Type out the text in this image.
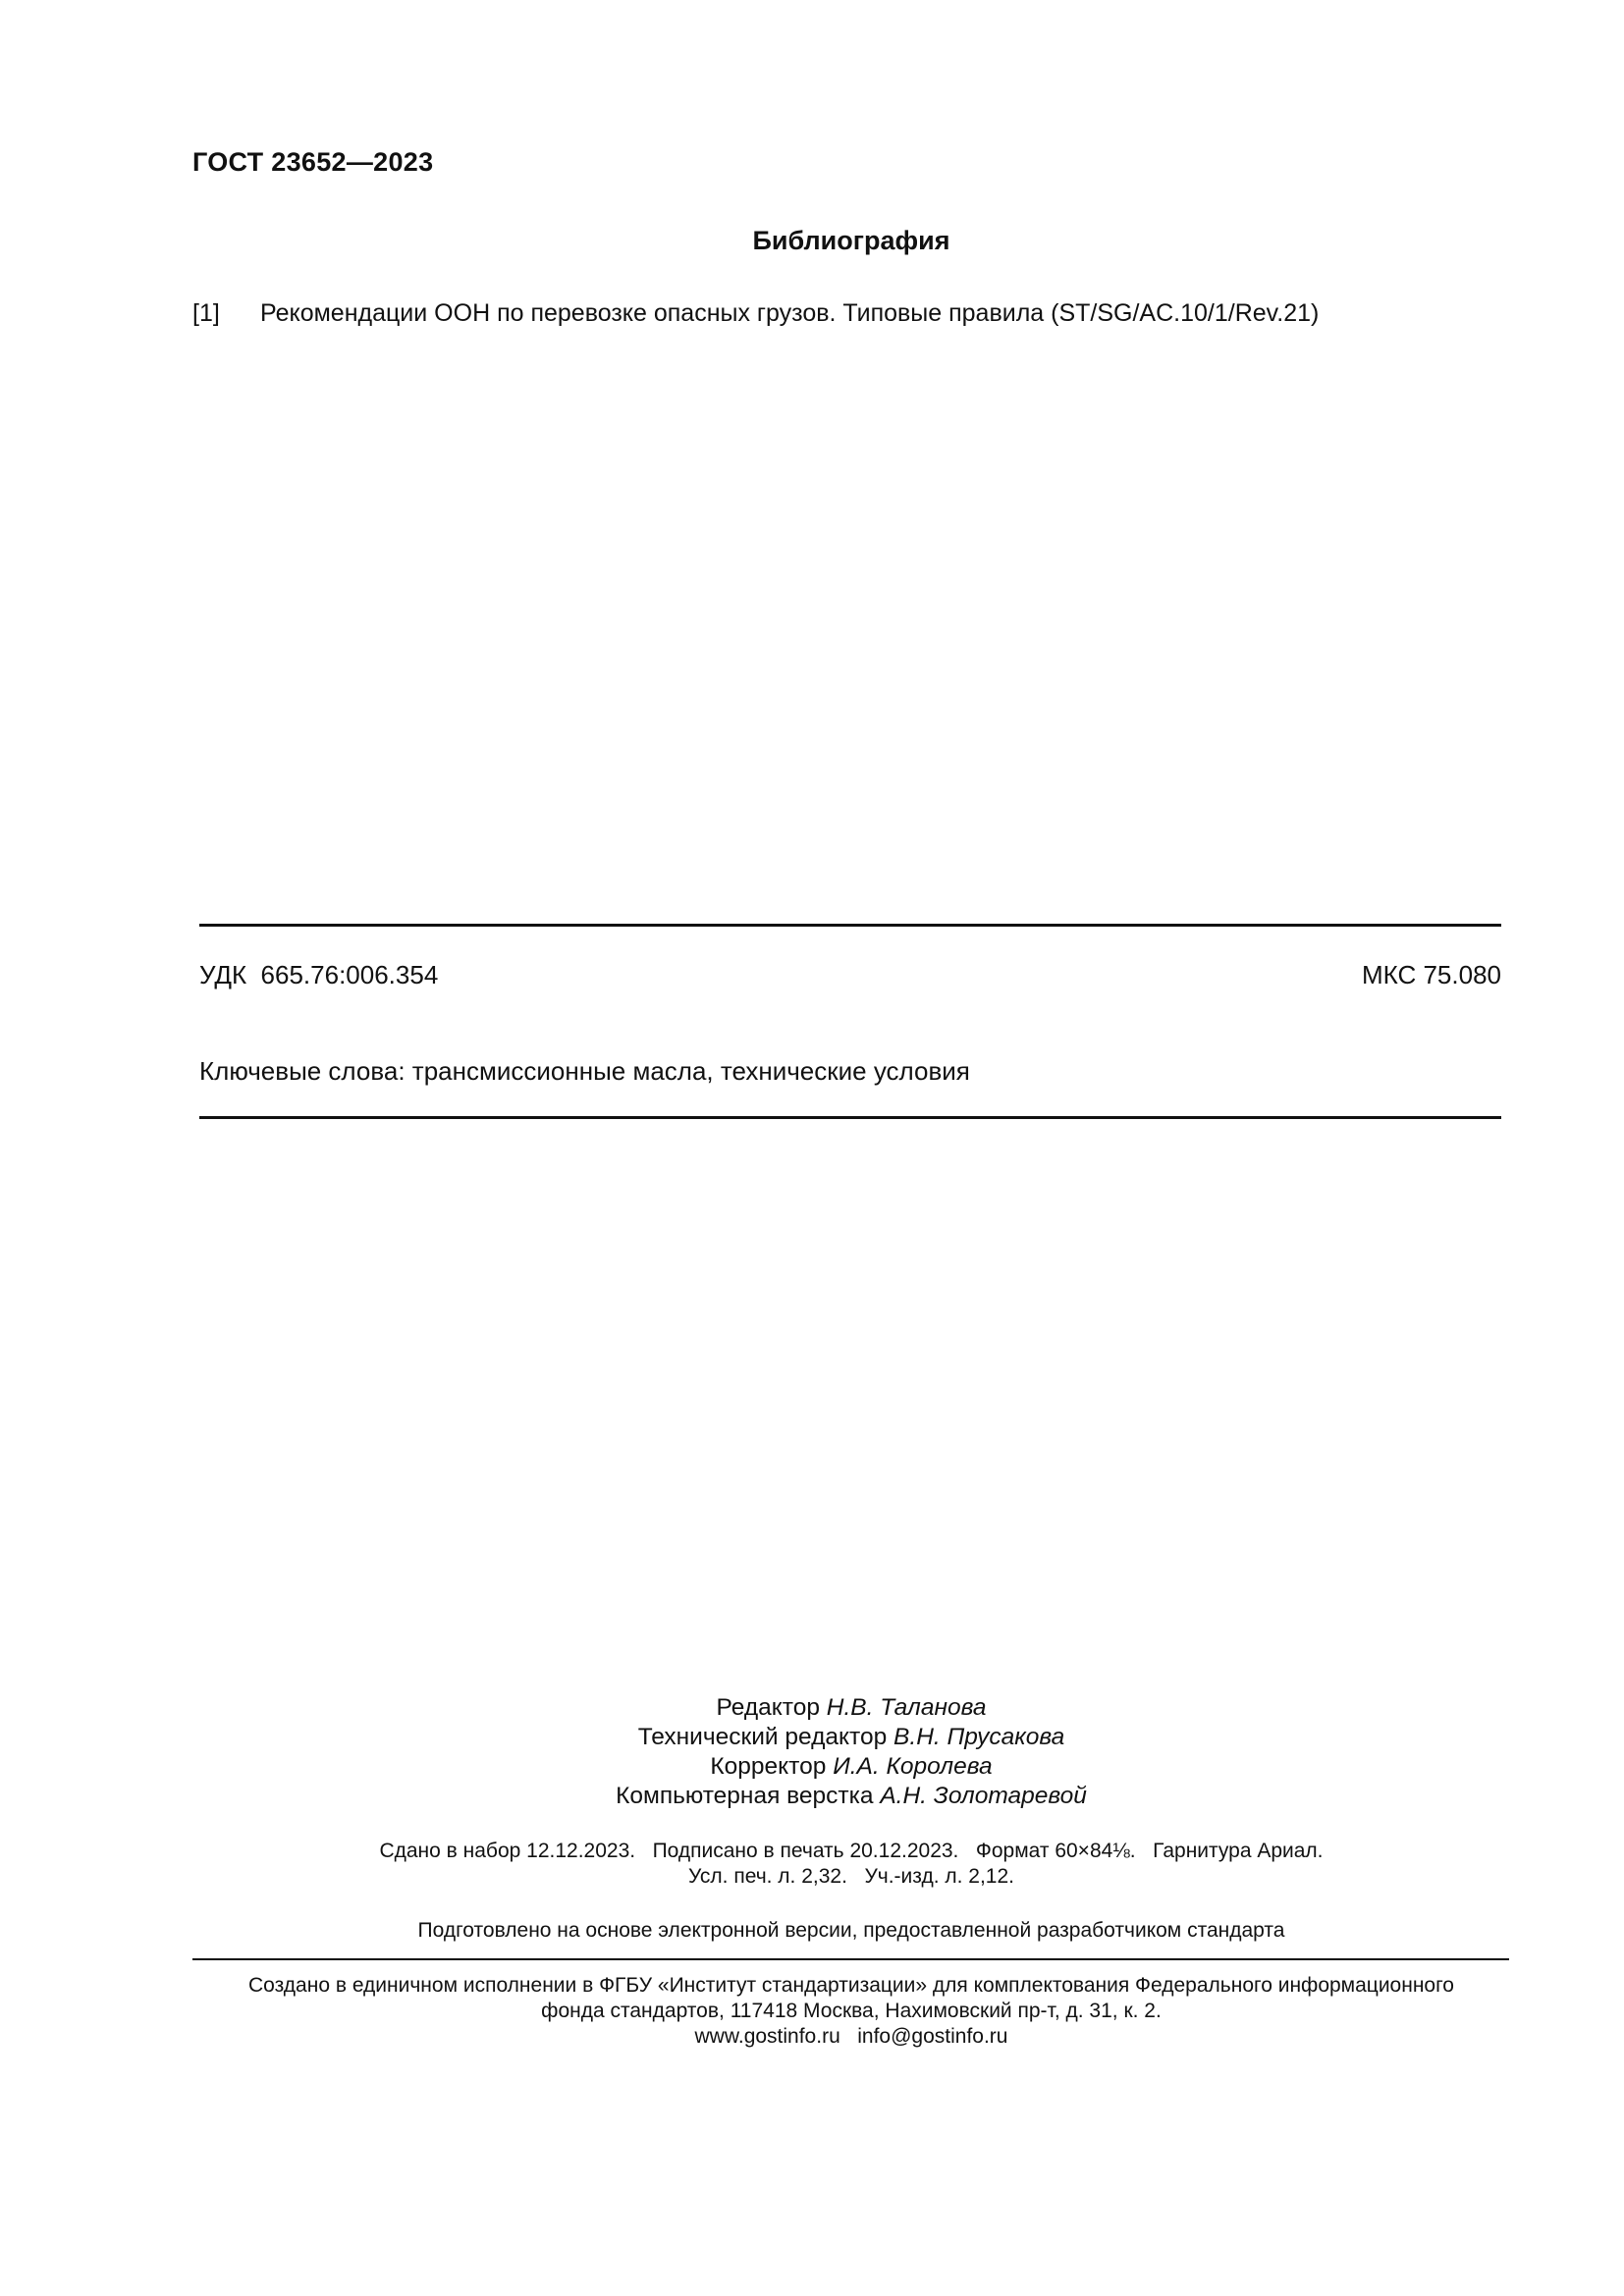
ГОСТ 23652—2023
Библиография
[1] Рекомендации ООН по перевозке опасных грузов. Типовые правила (ST/SG/AC.10/1/Rev.21)
УДК  665.76:006.354	МКС 75.080
Ключевые слова: трансмиссионные масла, технические условия
Редактор Н.В. Таланова
Технический редактор В.Н. Прусакова
Корректор И.А. Королева
Компьютерная верстка А.Н. Золотаревой
Сдано в набор 12.12.2023.   Подписано в печать 20.12.2023.   Формат 60×84⅛.   Гарнитура Ариал.
Усл. печ. л. 2,32.   Уч.-изд. л. 2,12.
Подготовлено на основе электронной версии, предоставленной разработчиком стандарта
Создано в единичном исполнении в ФГБУ «Институт стандартизации» для комплектования Федерального информационного
фонда стандартов, 117418 Москва, Нахимовский пр-т, д. 31, к. 2.
www.gostinfo.ru   info@gostinfo.ru
